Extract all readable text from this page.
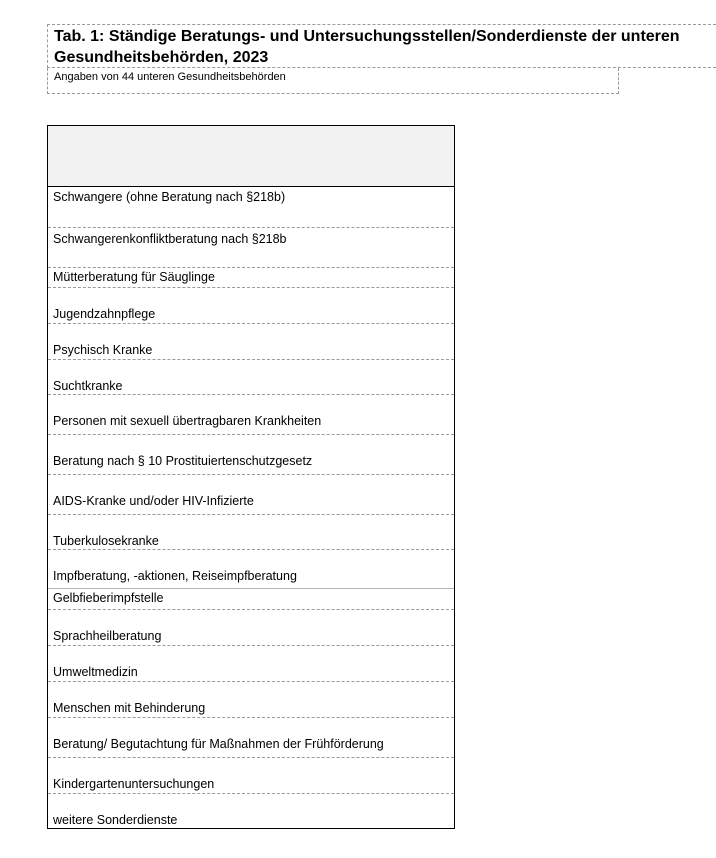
Tab. 1: Ständige Beratungs- und Untersuchungsstellen/Sonderdienste der unteren Gesundheitsbehörden, 2023
Angaben von 44 unteren Gesundheitsbehörden
Schwangere (ohne Beratung nach §218b)
Schwangerenkonfliktberatung nach §218b
Mütterberatung für Säuglinge
Jugendzahnpflege
Psychisch Kranke
Suchtkranke
Personen mit sexuell übertragbaren Krankheiten
Beratung nach § 10 Prostituiertenschutzgesetz
AIDS-Kranke und/oder HIV-Infizierte
Tuberkulosekranke
Impfberatung, -aktionen, Reiseimpfberatung
Gelbfieberimpfstelle
Sprachheilberatung
Umweltmedizin
Menschen mit Behinderung
Beratung/ Begutachtung für Maßnahmen der Frühförderung
Kindergartenuntersuchungen
weitere Sonderdienste
